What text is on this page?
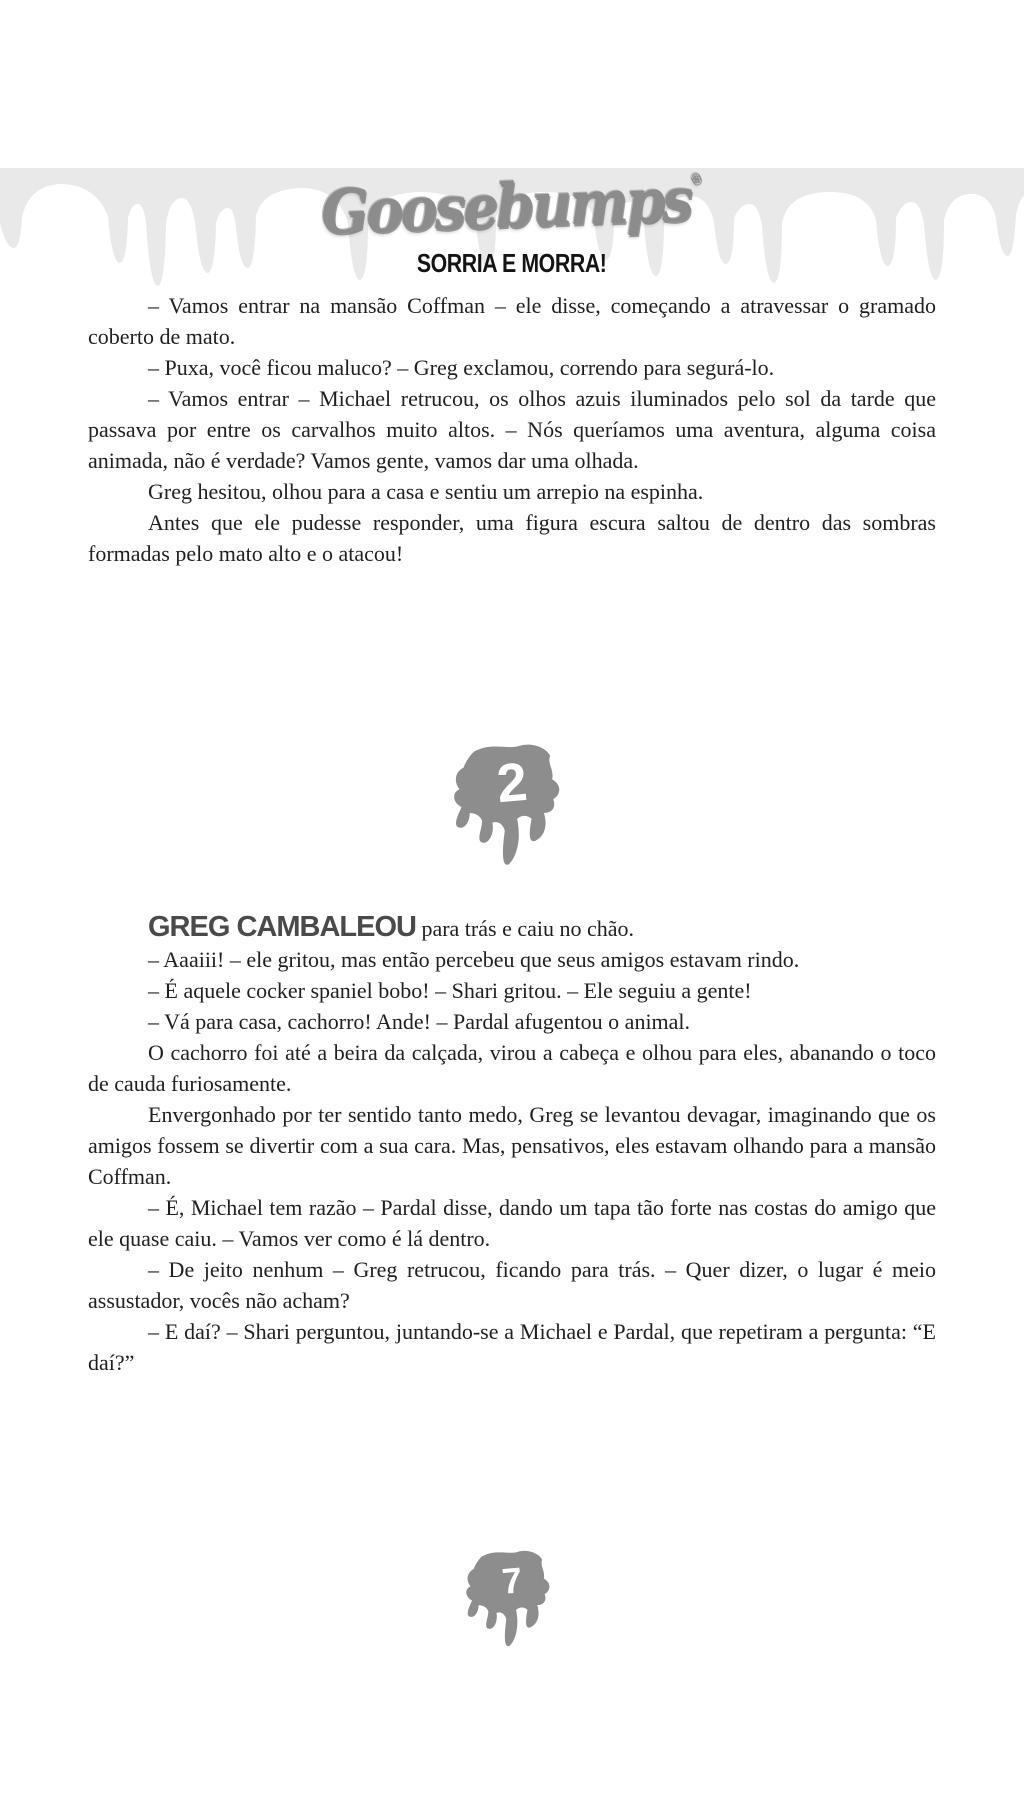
Goosebumps®
SORRIA E MORRA!

– Vamos entrar na mansão Coffman – ele disse, começando a atravessar o gramado coberto de mato.

– Puxa, você ficou maluco? – Greg exclamou, correndo para segurá-lo.

– Vamos entrar – Michael retrucou, os olhos azuis iluminados pelo sol da tarde que passava por entre os carvalhos muito altos. – Nós queríamos uma aventura, alguma coisa animada, não é verdade? Vamos gente, vamos dar uma olhada.

Greg hesitou, olhou para a casa e sentiu um arrepio na espinha.

Antes que ele pudesse responder, uma figura escura saltou de dentro das sombras formadas pelo mato alto e o atacou!

2

GREG CAMBALEOU para trás e caiu no chão.

– Aaaiii! – ele gritou, mas então percebeu que seus amigos estavam rindo.

– É aquele cocker spaniel bobo! – Shari gritou. – Ele seguiu a gente!

– Vá para casa, cachorro! Ande! – Pardal afugentou o animal.

O cachorro foi até a beira da calçada, virou a cabeça e olhou para eles, abanando o toco de cauda furiosamente.

Envergonhado por ter sentido tanto medo, Greg se levantou devagar, imaginando que os amigos fossem se divertir com a sua cara. Mas, pensativos, eles estavam olhando para a mansão Coffman.

– É, Michael tem razão – Pardal disse, dando um tapa tão forte nas costas do amigo que ele quase caiu. – Vamos ver como é lá dentro.

– De jeito nenhum – Greg retrucou, ficando para trás. – Quer dizer, o lugar é meio assustador, vocês não acham?

– E daí? – Shari perguntou, juntando-se a Michael e Pardal, que repetiram a pergunta: “E daí?”

7
